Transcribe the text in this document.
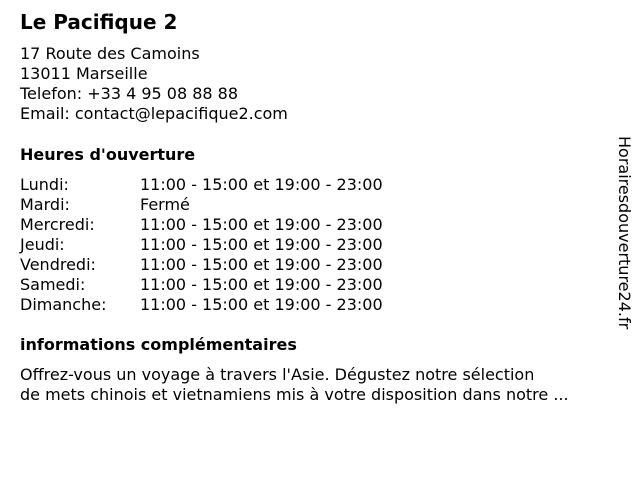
Le Pacifique 2
17 Route des Camoins
13011 Marseille
Telefon: +33 4 95 08 88 88
Email: contact@lepacifique2.com
Heures d'ouverture
Lundi:	11:00 - 15:00 et 19:00 - 23:00
Mardi:	Fermé
Mercredi:	11:00 - 15:00 et 19:00 - 23:00
Jeudi:	11:00 - 15:00 et 19:00 - 23:00
Vendredi:	11:00 - 15:00 et 19:00 - 23:00
Samedi:	11:00 - 15:00 et 19:00 - 23:00
Dimanche:	11:00 - 15:00 et 19:00 - 23:00
informations complémentaires
Offrez-vous un voyage à travers l'Asie. Dégustez notre sélection
de mets chinois et vietnamiens mis à votre disposition dans notre ...
Horairesdouverture24.fr
